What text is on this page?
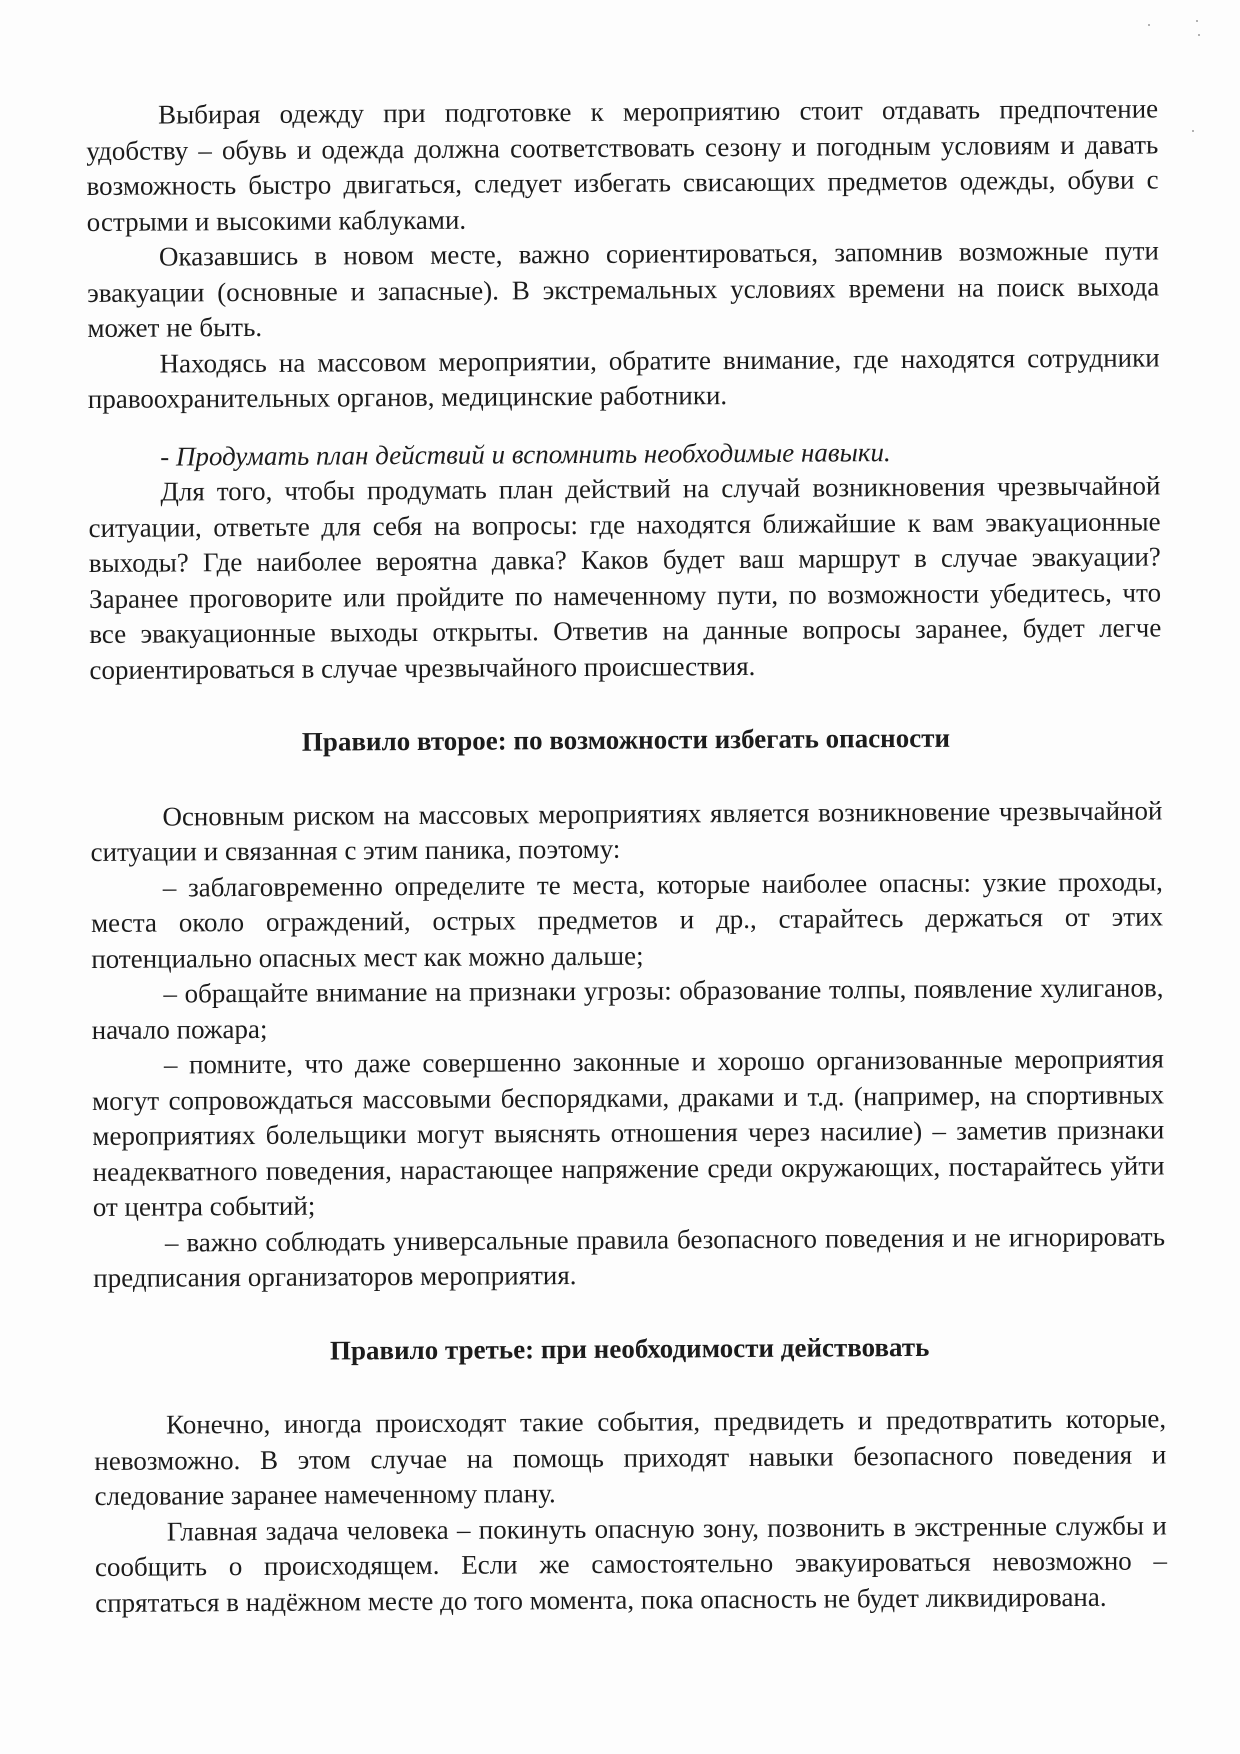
Выбирая одежду при подготовке к мероприятию стоит отдавать предпочтение удобству – обувь и одежда должна соответствовать сезону и погодным условиям и давать возможность быстро двигаться, следует избегать свисающих предметов одежды, обуви с острыми и высокими каблуками.

Оказавшись в новом месте, важно сориентироваться, запомнив возможные пути эвакуации (основные и запасные). В экстремальных условиях времени на поиск выхода может не быть.

Находясь на массовом мероприятии, обратите внимание, где находятся сотрудники правоохранительных органов, медицинские работники.

- Продумать план действий и вспомнить необходимые навыки.

Для того, чтобы продумать план действий на случай возникновения чрезвычайной ситуации, ответьте для себя на вопросы: где находятся ближайшие к вам эвакуационные выходы? Где наиболее вероятна давка? Каков будет ваш маршрут в случае эвакуации? Заранее проговорите или пройдите по намеченному пути, по возможности убедитесь, что все эвакуационные выходы открыты. Ответив на данные вопросы заранее, будет легче сориентироваться в случае чрезвычайного происшествия.

Правило второе: по возможности избегать опасности

Основным риском на массовых мероприятиях является возникновение чрезвычайной ситуации и связанная с этим паника, поэтому:

– заблаговременно определите те места, которые наиболее опасны: узкие проходы, места около ограждений, острых предметов и др., старайтесь держаться от этих потенциально опасных мест как можно дальше;

– обращайте внимание на признаки угрозы: образование толпы, появление хулиганов, начало пожара;

– помните, что даже совершенно законные и хорошо организованные мероприятия могут сопровождаться массовыми беспорядками, драками и т.д. (например, на спортивных мероприятиях болельщики могут выяснять отношения через насилие) – заметив признаки неадекватного поведения, нарастающее напряжение среди окружающих, постарайтесь уйти от центра событий;

– важно соблюдать универсальные правила безопасного поведения и не игнорировать предписания организаторов мероприятия.

Правило третье: при необходимости действовать

Конечно, иногда происходят такие события, предвидеть и предотвратить которые, невозможно. В этом случае на помощь приходят навыки безопасного поведения и следование заранее намеченному плану.

Главная задача человека – покинуть опасную зону, позвонить в экстренные службы и сообщить о происходящем. Если же самостоятельно эвакуироваться невозможно – спрятаться в надёжном месте до того момента, пока опасность не будет ликвидирована.
